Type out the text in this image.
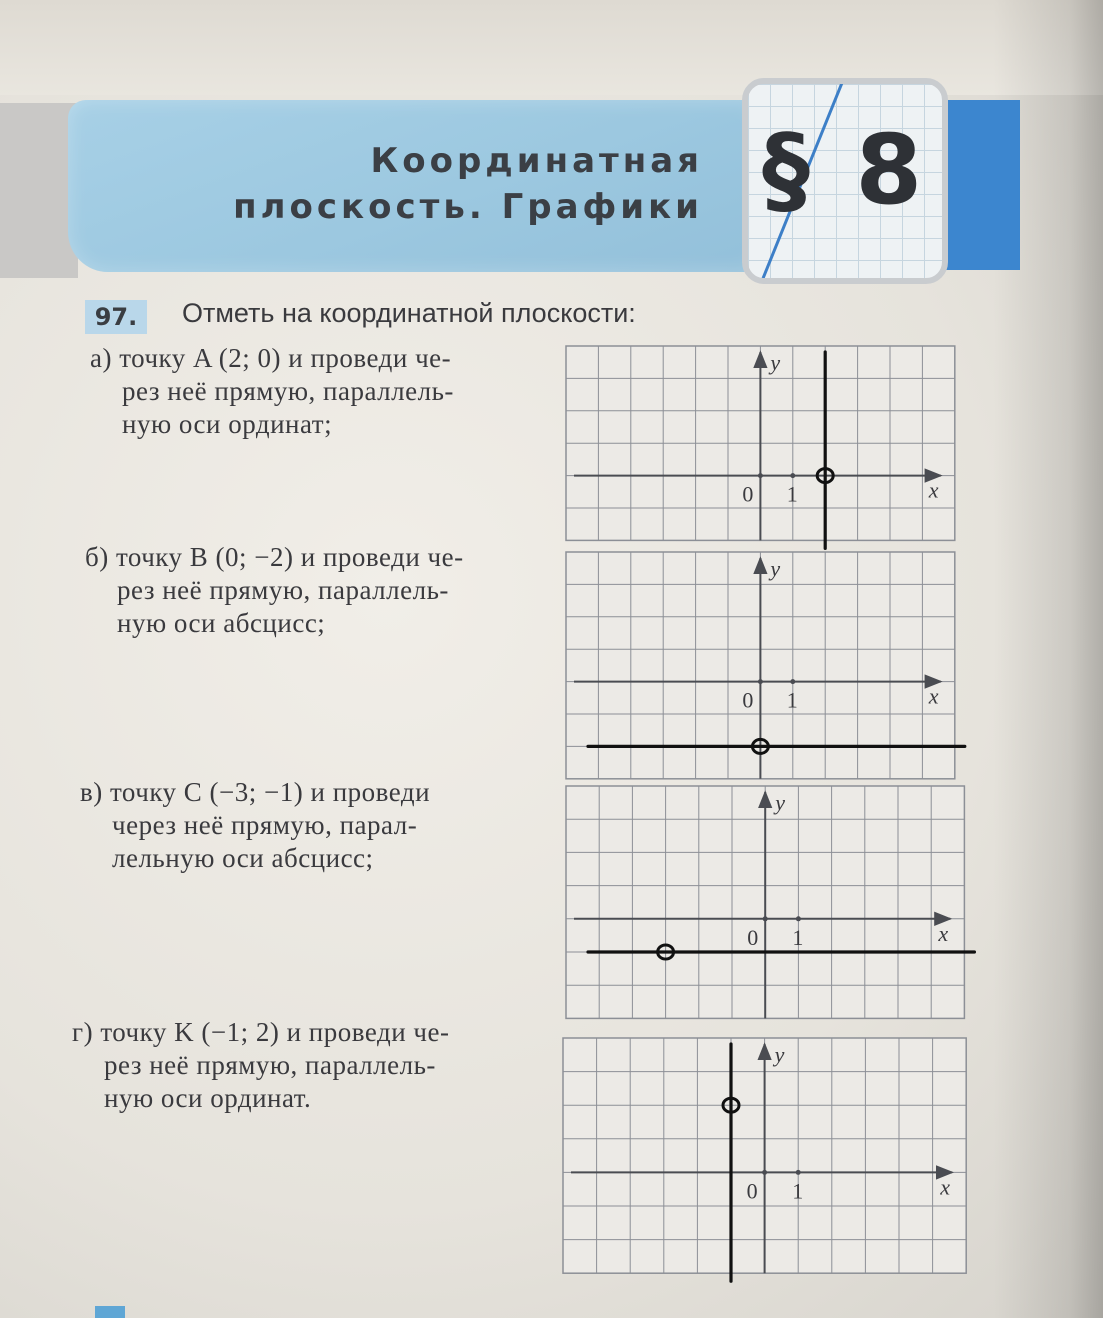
Координатная
плоскость. Графики § 8
97.	Отметь на координатной плоскости:
а) точку A (2; 0) и проведи че-
рез неё прямую, параллель-
ную оси ординат;
б) точку B (0; −2) и проведи че-
рез неё прямую, параллель-
ную оси абсцисс;
в) точку C (−3; −1) и проведи
через неё прямую, парал-
лельную оси абсцисс;
г) точку K (−1; 2) и проведи че-
рез неё прямую, параллель-
ную оси ординат.
0 1	x
y
0 1	x
y
0 1	x
y
0 1	x
y
